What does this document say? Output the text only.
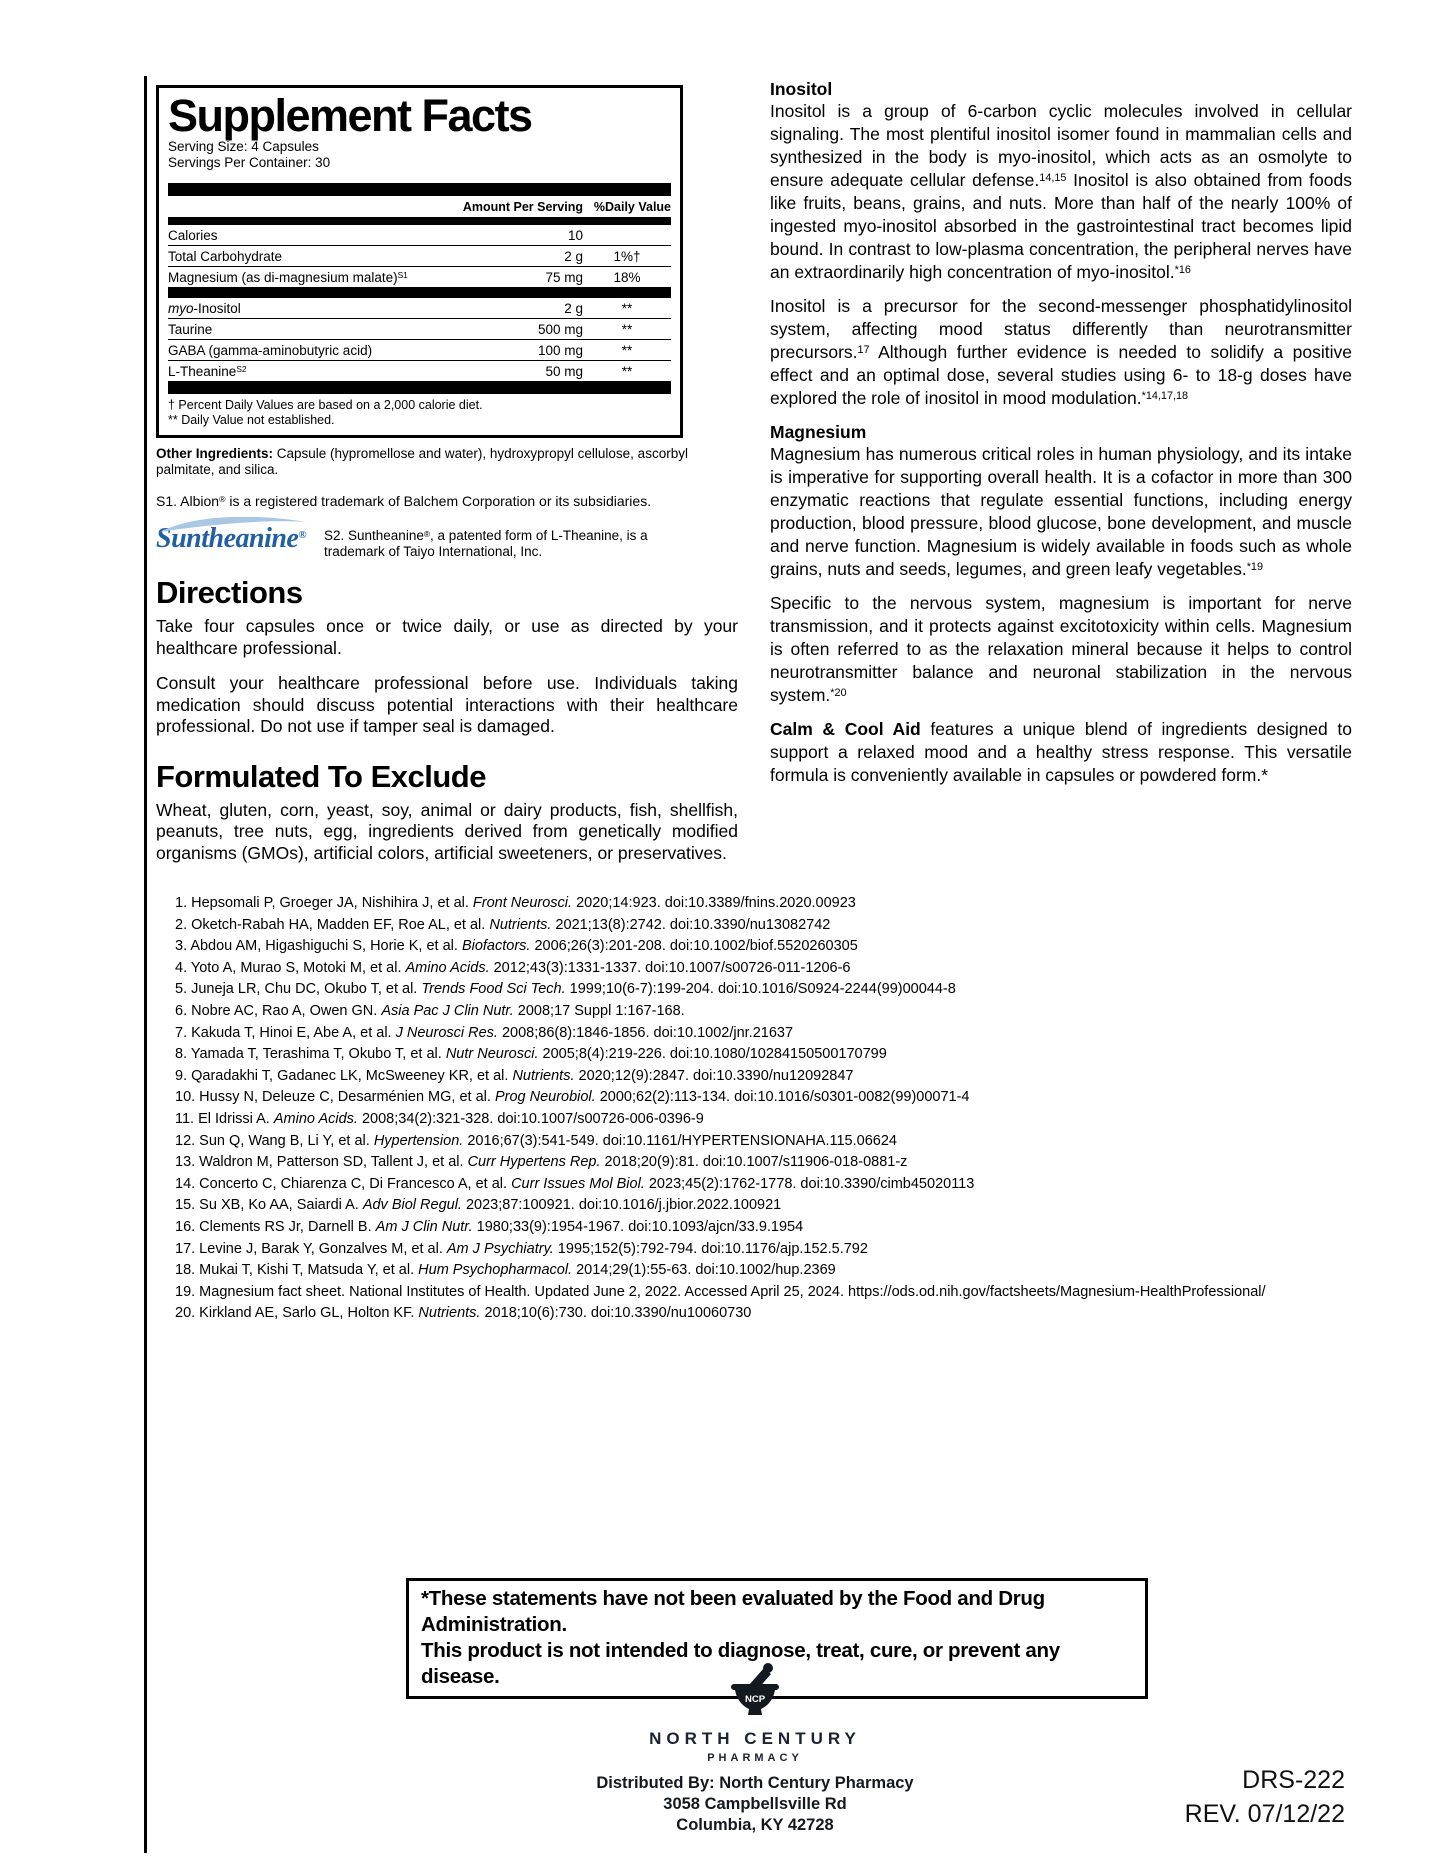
Supplement Facts
Serving Size: 4 Capsules
Servings Per Container: 30
Amount Per Serving %Daily Value
Calories	10
Total Carbohydrate	2 g	1%†
Magnesium (as di-magnesium malate)$^{S1}$	75 mg	18%
myo-Inositol	2 g	**
Taurine	500 mg	**
GABA (gamma-aminobutyric acid)	100 mg	**
L-Theanine$^{S2}$	50 mg	**
† Percent Daily Values are based on a 2,000 calorie diet.
** Daily Value not established.
Other Ingredients: Capsule (hypromellose and water), hydroxypropyl cellulose, ascorbyl palmitate, and silica.
S1. Albion® is a registered trademark of Balchem Corporation or its subsidiaries.
Suntheanine®	S2. Suntheanine®, a patented form of L-Theanine, is a
trademark of Taiyo International, Inc.
Directions

Take four capsules once or twice daily, or use as directed by your healthcare professional.

Consult your healthcare professional before use. Individuals taking medication should discuss potential interactions with their healthcare professional. Do not use if tamper seal is damaged.

Formulated To Exclude

Wheat, gluten, corn, yeast, soy, animal or dairy products, fish, shellfish, peanuts, tree nuts, egg, ingredients derived from genetically modified organisms (GMOs), artificial colors, artificial sweeteners, or preservatives.

Inositol

Inositol is a group of 6-carbon cyclic molecules involved in cellular signaling. The most plentiful inositol isomer found in mammalian cells and synthesized in the body is myo-inositol, which acts as an osmolyte to ensure adequate cellular defense.$^{14,15}$ Inositol is also obtained from foods like fruits, beans, grains, and nuts. More than half of the nearly 100% of ingested myo-inositol absorbed in the gastrointestinal tract becomes lipid bound. In contrast to low-plasma concentration, the peripheral nerves have an extraordinarily high concentration of myo-inositol.$^{*16}$

Inositol is a precursor for the second-messenger phosphatidylinositol system, affecting mood status differently than neurotransmitter precursors.$^{17}$ Although further evidence is needed to solidify a positive effect and an optimal dose, several studies using 6- to 18-g doses have explored the role of inositol in mood modulation.$^{*14,17,18}$

Magnesium

Magnesium has numerous critical roles in human physiology, and its intake is imperative for supporting overall health. It is a cofactor in more than 300 enzymatic reactions that regulate essential functions, including energy production, blood pressure, blood glucose, bone development, and muscle and nerve function. Magnesium is widely available in foods such as whole grains, nuts and seeds, legumes, and green leafy vegetables.$^{*19}$

Specific to the nervous system, magnesium is important for nerve transmission, and it protects against excitotoxicity within cells. Magnesium is often referred to as the relaxation mineral because it helps to control neurotransmitter balance and neuronal stabilization in the nervous system.$^{*20}$

Calm & Cool Aid features a unique blend of ingredients designed to support a relaxed mood and a healthy stress response. This versatile formula is conveniently available in capsules or powdered form.*

1. Hepsomali P, Groeger JA, Nishihira J, et al. Front Neurosci. 2020;14:923. doi:10.3389/fnins.2020.00923
2. Oketch-Rabah HA, Madden EF, Roe AL, et al. Nutrients. 2021;13(8):2742. doi:10.3390/nu13082742
3. Abdou AM, Higashiguchi S, Horie K, et al. Biofactors. 2006;26(3):201-208. doi:10.1002/biof.5520260305
4. Yoto A, Murao S, Motoki M, et al. Amino Acids. 2012;43(3):1331-1337. doi:10.1007/s00726-011-1206-6
5. Juneja LR, Chu DC, Okubo T, et al. Trends Food Sci Tech. 1999;10(6-7):199-204. doi:10.1016/S0924-2244(99)00044-8
6. Nobre AC, Rao A, Owen GN. Asia Pac J Clin Nutr. 2008;17 Suppl 1:167-168.
7. Kakuda T, Hinoi E, Abe A, et al. J Neurosci Res. 2008;86(8):1846-1856. doi:10.1002/jnr.21637
8. Yamada T, Terashima T, Okubo T, et al. Nutr Neurosci. 2005;8(4):219-226. doi:10.1080/10284150500170799
9. Qaradakhi T, Gadanec LK, McSweeney KR, et al. Nutrients. 2020;12(9):2847. doi:10.3390/nu12092847
10. Hussy N, Deleuze C, Desarménien MG, et al. Prog Neurobiol. 2000;62(2):113-134. doi:10.1016/s0301-0082(99)00071-4
11. El Idrissi A. Amino Acids. 2008;34(2):321-328. doi:10.1007/s00726-006-0396-9
12. Sun Q, Wang B, Li Y, et al. Hypertension. 2016;67(3):541-549. doi:10.1161/HYPERTENSIONAHA.115.06624
13. Waldron M, Patterson SD, Tallent J, et al. Curr Hypertens Rep. 2018;20(9):81. doi:10.1007/s11906-018-0881-z
14. Concerto C, Chiarenza C, Di Francesco A, et al. Curr Issues Mol Biol. 2023;45(2):1762-1778. doi:10.3390/cimb45020113
15. Su XB, Ko AA, Saiardi A. Adv Biol Regul. 2023;87:100921. doi:10.1016/j.jbior.2022.100921
16. Clements RS Jr, Darnell B. Am J Clin Nutr. 1980;33(9):1954-1967. doi:10.1093/ajcn/33.9.1954
17. Levine J, Barak Y, Gonzalves M, et al. Am J Psychiatry. 1995;152(5):792-794. doi:10.1176/ajp.152.5.792
18. Mukai T, Kishi T, Matsuda Y, et al. Hum Psychopharmacol. 2014;29(1):55-63. doi:10.1002/hup.2369
19. Magnesium fact sheet. National Institutes of Health. Updated June 2, 2022. Accessed April 25, 2024. https://ods.od.nih.gov/factsheets/Magnesium-HealthProfessional/
20. Kirkland AE, Sarlo GL, Holton KF. Nutrients. 2018;10(6):730. doi:10.3390/nu10060730
*These statements have not been evaluated by the Food and Drug Administration.
This product is not intended to diagnose, treat, cure, or prevent any disease.
NCP
NORTH CENTURY
PHARMACY
Distributed By: North Century Pharmacy
3058 Campbellsville Rd
Columbia, KY 42728
DRS-222
REV. 07/12/22
